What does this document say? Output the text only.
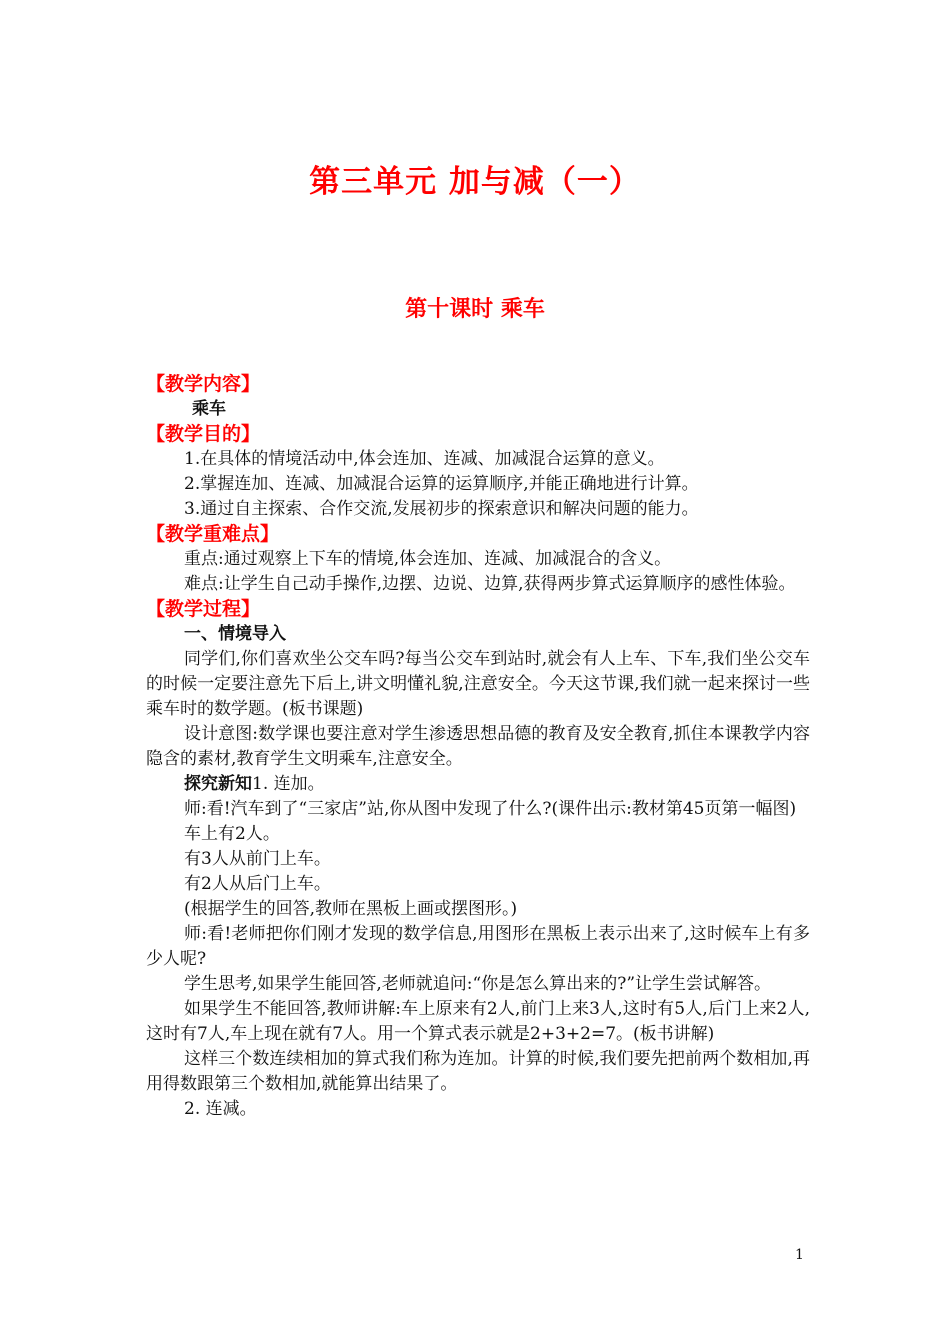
第三单元 加与减（一）
第十课时 乘车

【教学内容】

乘车

【教学目的】

1.在具体的情境活动中,体会连加、连减、加减混合运算的意义。

2.掌握连加、连减、加减混合运算的运算顺序,并能正确地进行计算。

3.通过自主探索、合作交流,发展初步的探索意识和解决问题的能力。

【教学重难点】

重点:通过观察上下车的情境,体会连加、连减、加减混合的含义。

难点:让学生自己动手操作,边摆、边说、边算,获得两步算式运算顺序的感性体验。

【教学过程】

一、情境导入

同学们,你们喜欢坐公交车吗?每当公交车到站时,就会有人上车、下车,我们坐公交车的时候一定要注意先下后上,讲文明懂礼貌,注意安全。今天这节课,我们就一起来探讨一些乘车时的数学题。(板书课题)

设计意图:数学课也要注意对学生渗透思想品德的教育及安全教育,抓住本课教学内容隐含的素材,教育学生文明乘车,注意安全。

探究新知1. 连加。

师:看!汽车到了“三家店”站,你从图中发现了什么?(课件出示:教材第45页第一幅图)

车上有2人。

有3人从前门上车。

有2人从后门上车。

(根据学生的回答,教师在黑板上画或摆图形。)

师:看!老师把你们刚才发现的数学信息,用图形在黑板上表示出来了,这时候车上有多少人呢?

学生思考,如果学生能回答,老师就追问:“你是怎么算出来的?”让学生尝试解答。

如果学生不能回答,教师讲解:车上原来有2人,前门上来3人,这时有5人,后门上来2人,这时有7人,车上现在就有7人。用一个算式表示就是2+3+2=7。(板书讲解)

这样三个数连续相加的算式我们称为连加。计算的时候,我们要先把前两个数相加,再用得数跟第三个数相加,就能算出结果了。

2. 连减。

1
